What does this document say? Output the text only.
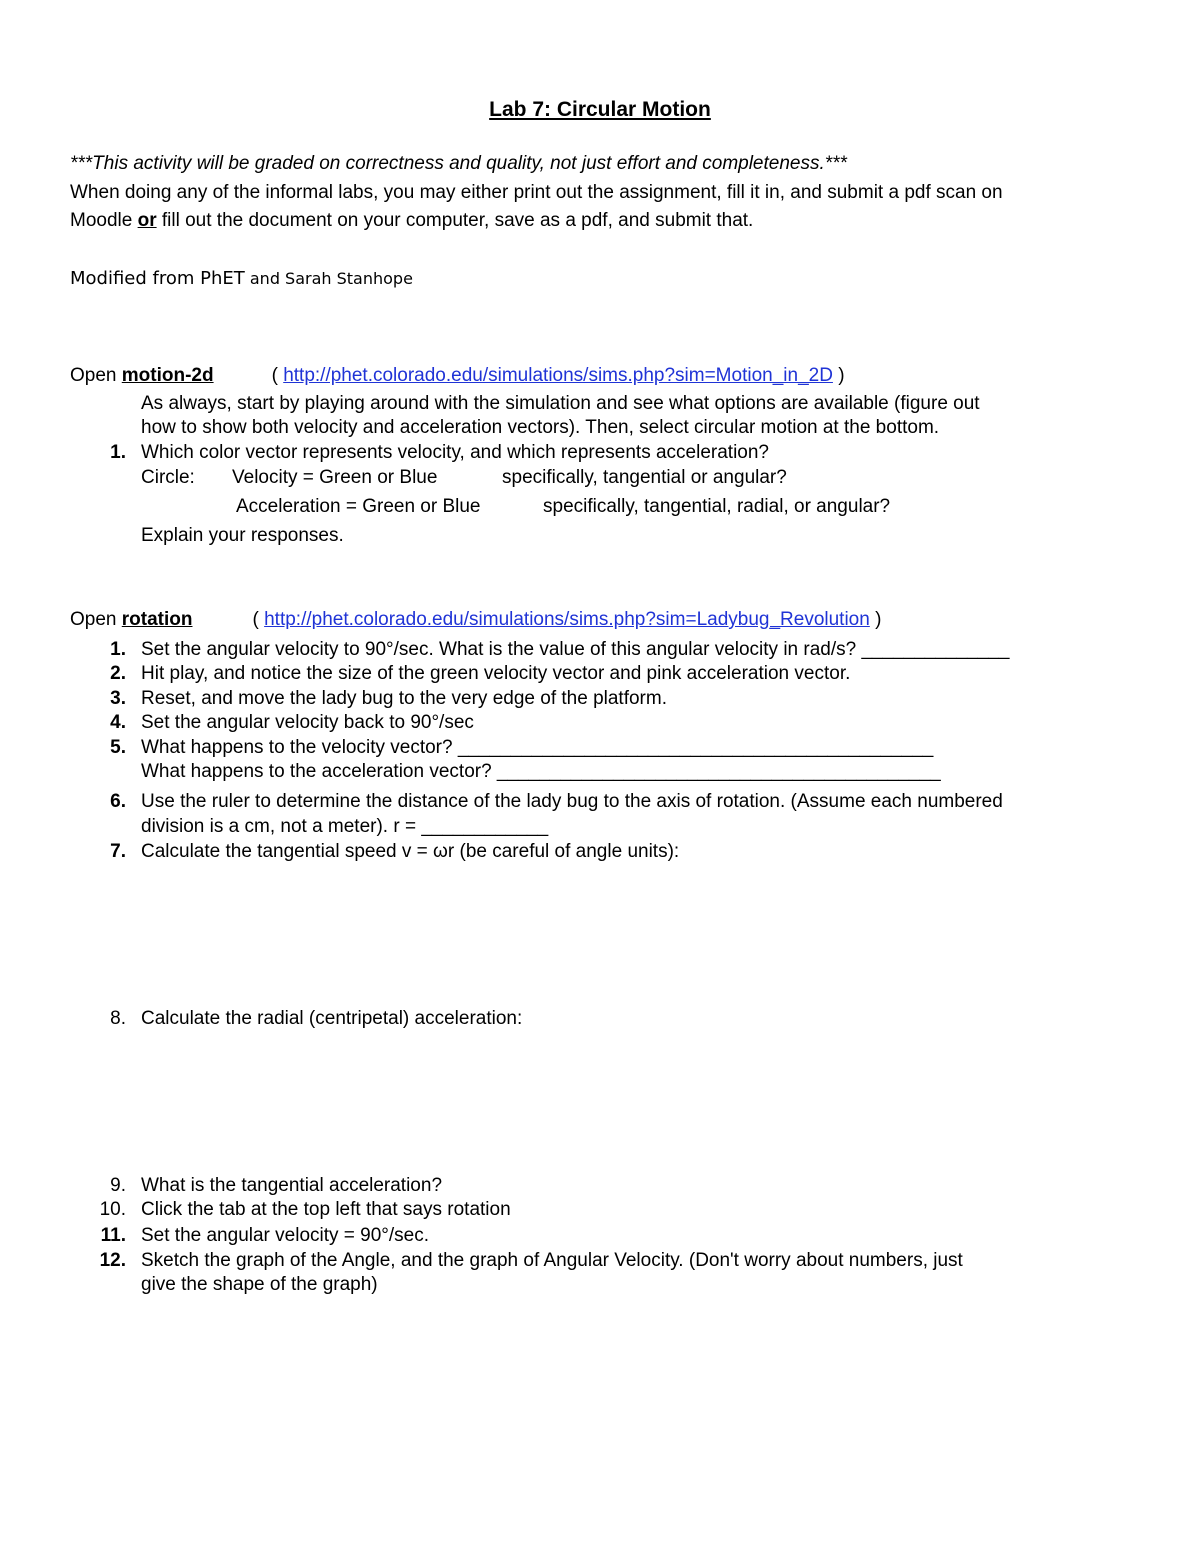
Lab 7: Circular Motion
***This activity will be graded on correctness and quality, not just effort and completeness.***
When doing any of the informal labs, you may either print out the assignment, fill it in, and submit a pdf scan on
Moodle or fill out the document on your computer, save as a pdf, and submit that.
Modified from PhET and Sarah Stanhope
Open motion-2d	( http://phet.colorado.edu/simulations/sims.php?sim=Motion_in_2D )
As always, start by playing around with the simulation and see what options are available (figure out
how to show both velocity and acceleration vectors). Then, select circular motion at the bottom.
1. Which color vector represents velocity, and which represents acceleration?
Circle: Velocity = Green or Blue	specifically, tangential or angular?
Acceleration = Green or Blue	specifically, tangential, radial, or angular?
Explain your responses.
Open rotation	( http://phet.colorado.edu/simulations/sims.php?sim=Ladybug_Revolution )
1. Set the angular velocity to 90°/sec. What is the value of this angular velocity in rad/s? ______________
2. Hit play, and notice the size of the green velocity vector and pink acceleration vector.
3. Reset, and move the lady bug to the very edge of the platform.
4. Set the angular velocity back to 90°/sec
5. What happens to the velocity vector? _____________________________________________
What happens to the acceleration vector? __________________________________________
6. Use the ruler to determine the distance of the lady bug to the axis of rotation. (Assume each numbered
division is a cm, not a meter). r = ____________
7. Calculate the tangential speed v = ωr (be careful of angle units):
8. Calculate the radial (centripetal) acceleration:
9. What is the tangential acceleration?
10. Click the tab at the top left that says rotation
11. Set the angular velocity = 90°/sec.
12. Sketch the graph of the Angle, and the graph of Angular Velocity. (Don't worry about numbers, just
give the shape of the graph)
